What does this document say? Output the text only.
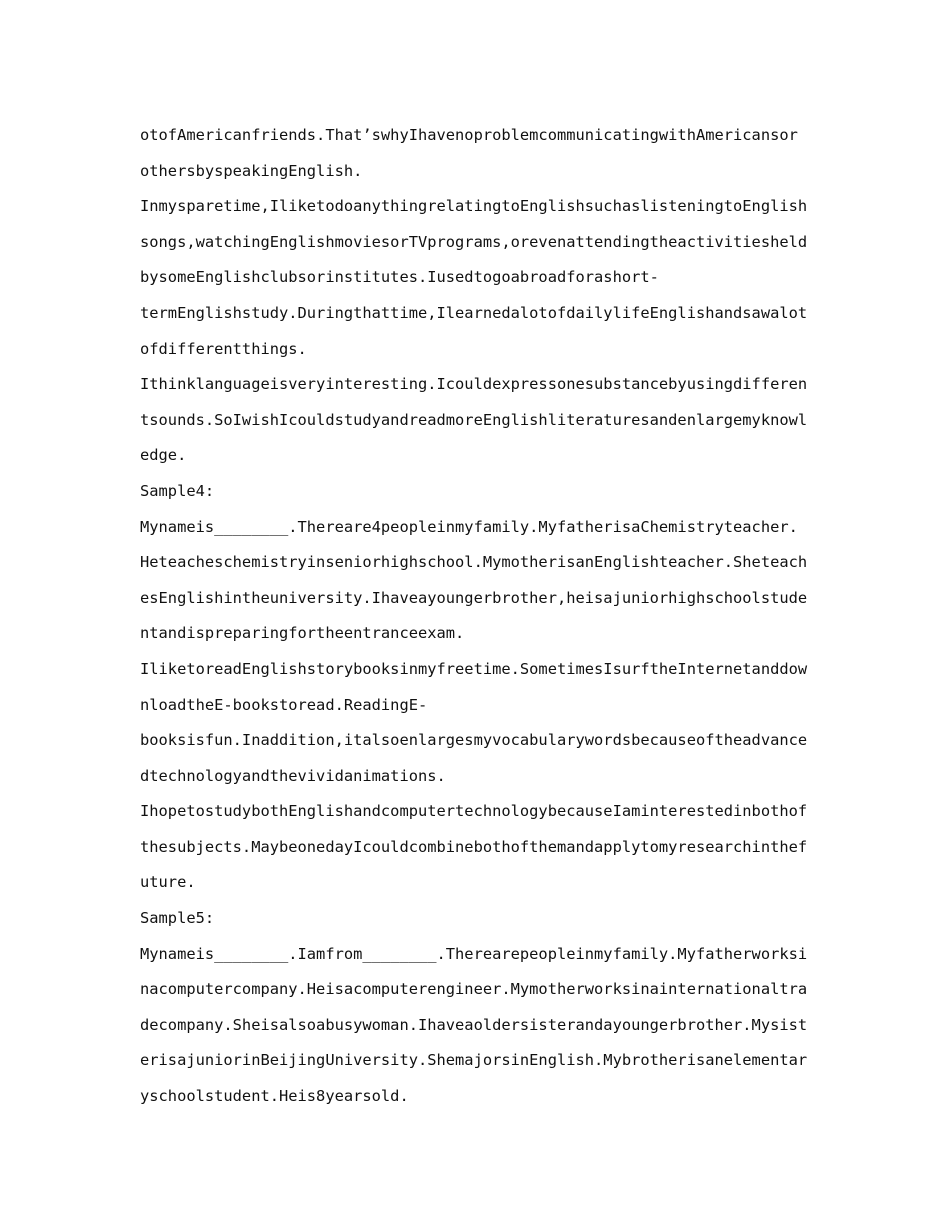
otofAmericanfriends.That’swhyIhavenoproblemcommunicatingwithAmericansor
othersbyspeakingEnglish.
Inmysparetime,IliketodoanythingrelatingtoEnglishsuchaslisteningtoEnglish
songs,watchingEnglishmoviesorTVprograms,orevenattendingtheactivitiesheld
bysomeEnglishclubsorinstitutes.Iusedtogoabroadforashort-
termEnglishstudy.Duringthattime,IlearnedalotofdailylifeEnglishandsawalot
ofdifferentthings.
Ithinklanguageisveryinteresting.Icouldexpressonesubstancebyusingdifferen
tsounds.SoIwishIcouldstudyandreadmoreEnglishliteraturesandenlargemyknowl
edge.
Sample4:
Mynameis________.Thereare4peopleinmyfamily.MyfatherisaChemistryteacher.
Heteacheschemistryinseniorhighschool.MymotherisanEnglishteacher.Sheteach
esEnglishintheuniversity.Ihaveayoungerbrother,heisajuniorhighschoolstude
ntandispreparingfortheentranceexam.
IliketoreadEnglishstorybooksinmyfreetime.SometimesIsurftheInternetanddow
nloadtheE-bookstoread.ReadingE-
booksisfun.Inaddition,italsoenlargesmyvocabularywordsbecauseoftheadvance
dtechnologyandthevividanimations.
IhopetostudybothEnglishandcomputertechnologybecauseIaminterestedinbothof
thesubjects.MaybeonedayIcouldcombinebothofthemandapplytomyresearchinthef
uture.
Sample5:
Mynameis________.Iamfrom________.Therearepeopleinmyfamily.Myfatherworksi
nacomputercompany.Heisacomputerengineer.Mymotherworksinainternationaltra
decompany.Sheisalsoabusywoman.Ihaveaoldersisterandayoungerbrother.Mysist
erisajuniorinBeijingUniversity.ShemajorsinEnglish.Mybrotherisanelementar
yschoolstudent.Heis8yearsold.
